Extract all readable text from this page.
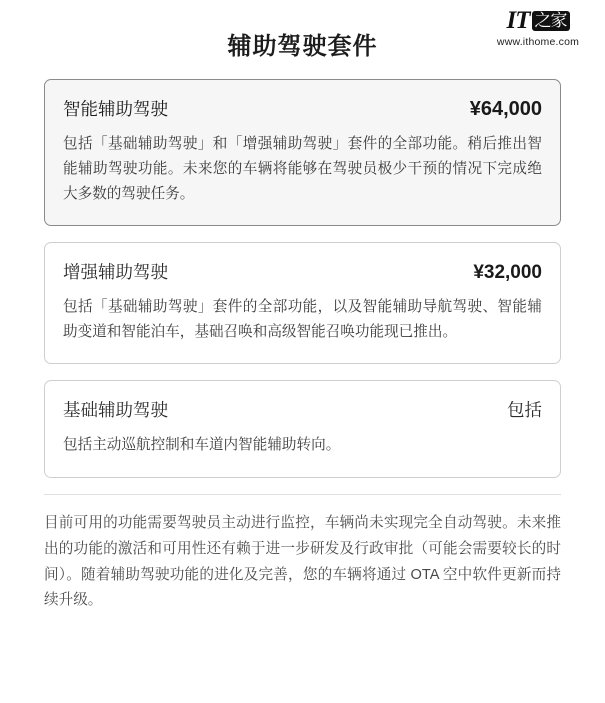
IT 之家
www.ithome.com
辅助驾驶套件
智能辅助驾驶	¥64,000
包括「基础辅助驾驶」和「增强辅助驾驶」套件的全部功能。稍后推出智能辅助驾驶功能。未来您的车辆将能够在驾驶员极少干预的情况下完成绝大多数的驾驶任务。
增强辅助驾驶	¥32,000
包括「基础辅助驾驶」套件的全部功能，以及智能辅助导航驾驶、智能辅助变道和智能泊车，基础召唤和高级智能召唤功能现已推出。
基础辅助驾驶	包括
包括主动巡航控制和车道内智能辅助转向。
目前可用的功能需要驾驶员主动进行监控，车辆尚未实现完全自动驾驶。未来推出的功能的激活和可用性还有赖于进一步研发及行政审批（可能会需要较长的时间）。随着辅助驾驶功能的进化及完善，您的车辆将通过 OTA 空中软件更新而持续升级。
